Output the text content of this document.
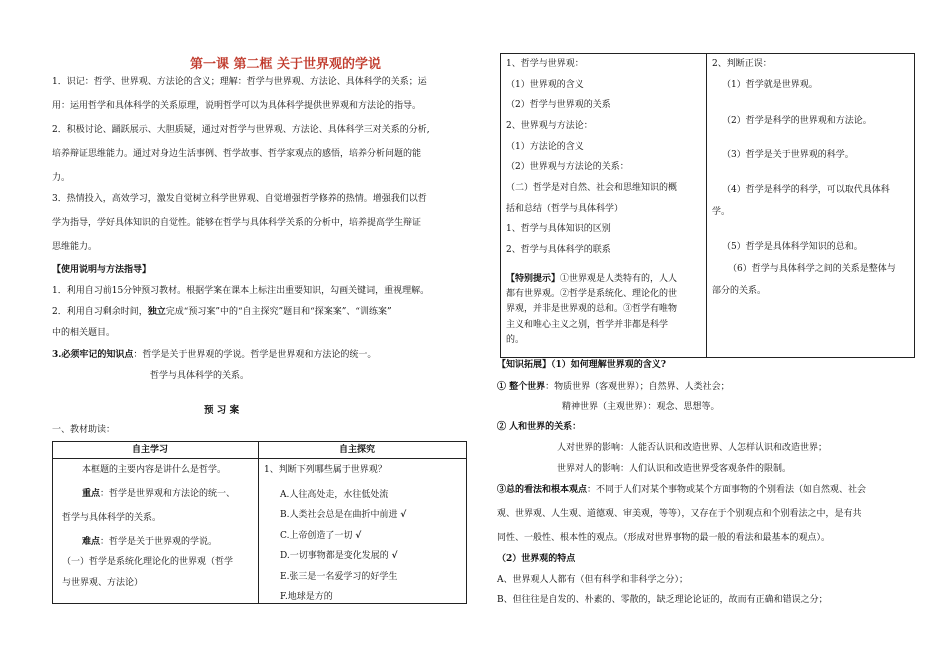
第一课 第二框 关于世界观的学说
1．识记：哲学、世界观、方法论的含义；理解：哲学与世界观、方法论、具体科学的关系；运
用：运用哲学和具体科学的关系原理，说明哲学可以为具体科学提供世界观和方法论的指导。
2．积极讨论、踊跃展示、大胆质疑，通过对哲学与世界观、方法论、具体科学三对关系的分析,
培养辩证思维能力。通过对身边生活事例、哲学故事、哲学家观点的感悟，培养分析问题的能
力。
3．热情投入，高效学习，激发自觉树立科学世界观、自觉增强哲学修养的热情。增强我们以哲
学为指导，学好具体知识的自觉性。能够在哲学与具体科学关系的分析中，培养提高学生辩证
思维能力。
【使用说明与方法指导】
1．利用自习前15分钟预习教材。根据学案在课本上标注出重要知识，勾画关键词，重视理解。
2．利用自习剩余时间，独立完成“预习案”中的“自主探究”题目和“探案案”、“训练案”
中的相关题目。
3.必须牢记的知识点：哲学是关于世界观的学说。哲学是世界观和方法论的统一。
哲学与具体科学的关系。
预 习 案
一、教材助读：
自主学习	自主探究
本框题的主要内容是讲什么是哲学。
重点：哲学是世界观和方法论的统一、
哲学与具体科学的关系。
难点：哲学是关于世界观的学说。
（一）哲学是系统化理论化的世界观（哲学
与世界观、方法论）
1、判断下列哪些属于世界观？
A.人往高处走，水往低处流
B.人类社会总是在曲折中前进 √
C.上帝创造了一切 √
D.一切事物都是变化发展的 √
E.张三是一名爱学习的好学生
F.地球是方的
1、哲学与世界观：
（1）世界观的含义
（2）哲学与世界观的关系
2、世界观与方法论：
（1）方法论的含义
（2）世界观与方法论的关系：
（二）哲学是对自然、社会和思维知识的概
括和总结（哲学与具体科学）
1、哲学与具体知识的区别
2、哲学与具体科学的联系
【特别提示】①世界观是人类特有的，人人
都有世界观。②哲学是系统化、理论化的世
界观，并非是世界观的总和。③哲学有唯物
主义和唯心主义之别，哲学并非都是科学
的。
2、判断正误：
（1）哲学就是世界观。
（2）哲学是科学的世界观和方法论。
（3）哲学是关于世界观的科学。
（4）哲学是科学的科学，可以取代具体科
学。
（5）哲学是具体科学知识的总和。
（6）哲学与具体科学之间的关系是整体与
部分的关系。
【知识拓展】（1）如何理解世界观的含义?
① 整个世界：物质世界（客观世界）；自然界、人类社会；
精神世界（主观世界）：观念、思想等。
② 人和世界的关系：
人对世界的影响：人能否认识和改造世界、人怎样认识和改造世界；
世界对人的影响：人们认识和改造世界受客观条件的限制。
③总的看法和根本观点：不同于人们对某个事物或某个方面事物的个别看法（如自然观、社会
观、世界观、人生观、道德观、审美观，等等），又存在于个别观点和个别看法之中，是有共
同性、一般性、根本性的观点。（形成对世界事物的最一般的看法和最基本的观点）。
（2）世界观的特点
A、世界观人人都有（但有科学和非科学之分）；
B、但往往是自发的、朴素的、零散的，缺乏理论论证的，故而有正确和错误之分；
